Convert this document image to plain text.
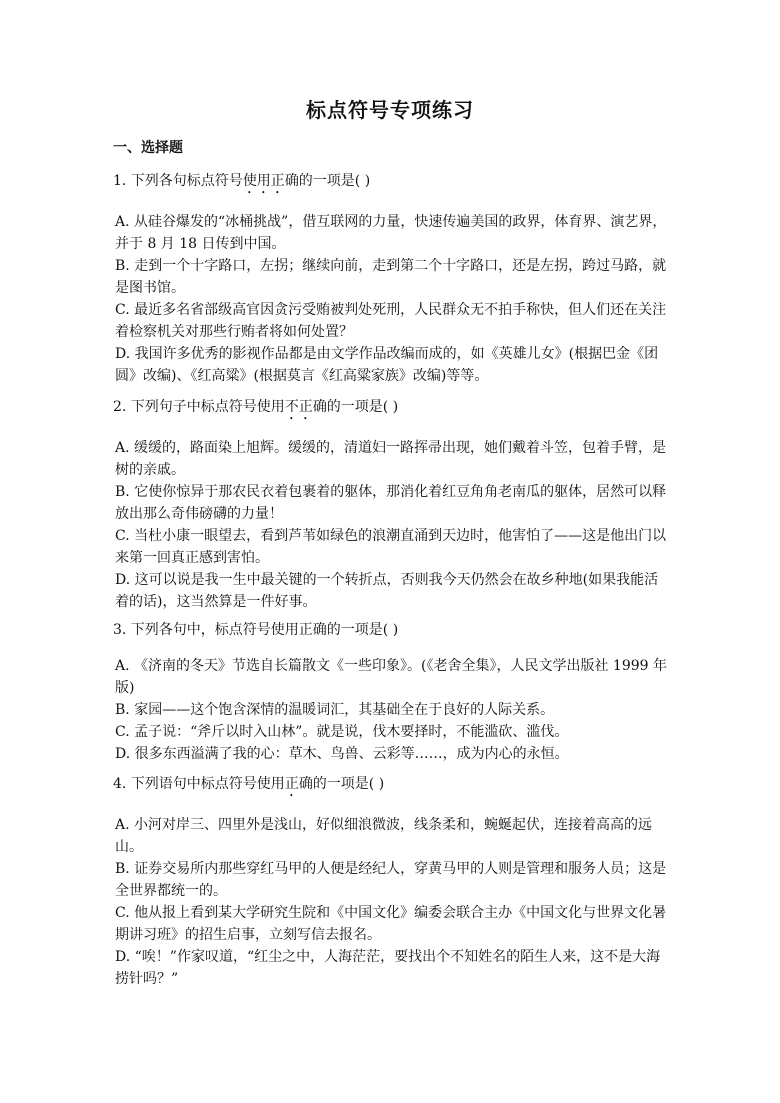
标点符号专项练习
一、选择题

1. 下列各句标点符号使用正确的一项是( )

A. 从硅谷爆发的“冰桶挑战”，借互联网的力量，快速传遍美国的政界，体育界、演艺界，并于 8 月 18 日传到中国。

B. 走到一个十字路口，左拐；继续向前，走到第二个十字路口，还是左拐，跨过马路，就是图书馆。

C. 最近多名省部级高官因贪污受贿被判处死刑，人民群众无不拍手称快，但人们还在关注着检察机关对那些行贿者将如何处置？

D. 我国许多优秀的影视作品都是由文学作品改编而成的，如《英雄儿女》(根据巴金《团圆》改编)、《红高粱》(根据莫言《红高粱家族》改编)等等。

2. 下列句子中标点符号使用不正确的一项是( )

A. 缓缓的，路面染上旭辉。缓缓的，清道妇一路挥帚出现，她们戴着斗笠，包着手臂，是树的亲戚。

B. 它使你惊异于那农民衣着包裹着的躯体，那消化着红豆角角老南瓜的躯体，居然可以释放出那么奇伟磅礴的力量！

C. 当杜小康一眼望去，看到芦苇如绿色的浪潮直涌到天边时，他害怕了——这是他出门以来第一回真正感到害怕。

D. 这可以说是我一生中最关键的一个转折点，否则我今天仍然会在故乡种地(如果我能活着的话)，这当然算是一件好事。

3. 下列各句中，标点符号使用正确的一项是( )

A. 《济南的冬天》节选自长篇散文《一些印象》。(《老舍全集》，人民文学出版社 1999 年版)

B. 家园——这个饱含深情的温暖词汇，其基础全在于良好的人际关系。

C. 孟子说：“斧斤以时入山林”。就是说，伐木要择时，不能滥砍、滥伐。

D. 很多东西溢满了我的心：草木、鸟兽、云彩等……，成为内心的永恒。

4. 下列语句中标点符号使用正确的一项是( )

A. 小河对岸三、四里外是浅山，好似细浪微波，线条柔和，蜿蜒起伏，连接着高高的远山。

B. 证券交易所内那些穿红马甲的人便是经纪人，穿黄马甲的人则是管理和服务人员；这是全世界都统一的。

C. 他从报上看到某大学研究生院和《中国文化》编委会联合主办《中国文化与世界文化暑期讲习班》的招生启事，立刻写信去报名。

D. “唉！”作家叹道，“红尘之中，人海茫茫，要找出个不知姓名的陌生人来，这不是大海捞针吗？”
